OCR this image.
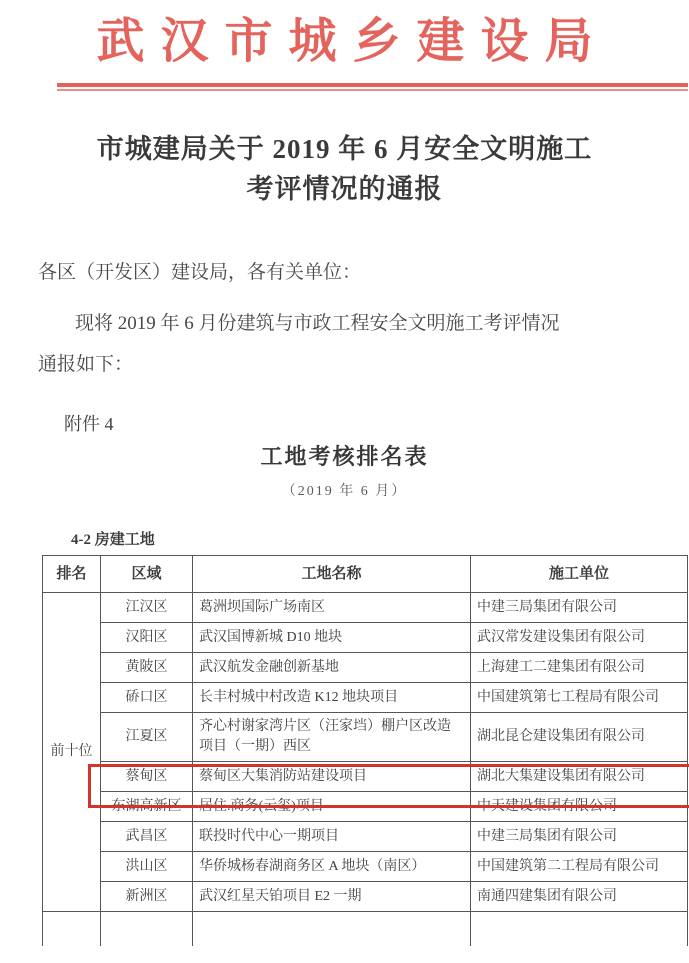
武汉市城乡建设局
市城建局关于 2019 年 6 月安全文明施工
考评情况的通报
各区（开发区）建设局，各有关单位：
现将 2019 年 6 月份建筑与市政工程安全文明施工考评情况
通报如下：
附件 4
工地考核排名表
（2019 年 6 月）
4-2 房建工地
排名	区域	工地名称	施工单位
前十位	江汉区	葛洲坝国际广场南区	中建三局集团有限公司
	汉阳区	武汉国博新城 D10 地块	武汉常发建设集团有限公司
	黄陂区	武汉航发金融创新基地	上海建工二建集团有限公司
	硚口区	长丰村城中村改造 K12 地块项目	中国建筑第七工程局有限公司
	江夏区	齐心村谢家湾片区（汪家垱）棚户区改造项目（一期）西区	湖北昆仑建设集团有限公司
	蔡甸区	蔡甸区大集消防站建设项目	湖北大集建设集团有限公司
	东湖高新区	居住.商务(云玺)项目	中天建设集团有限公司
	武昌区	联投时代中心一期项目	中建三局集团有限公司
	洪山区	华侨城杨春湖商务区 A 地块（南区）	中国建筑第二工程局有限公司
	新洲区	武汉红星天铂项目 E2 一期	南通四建集团有限公司
